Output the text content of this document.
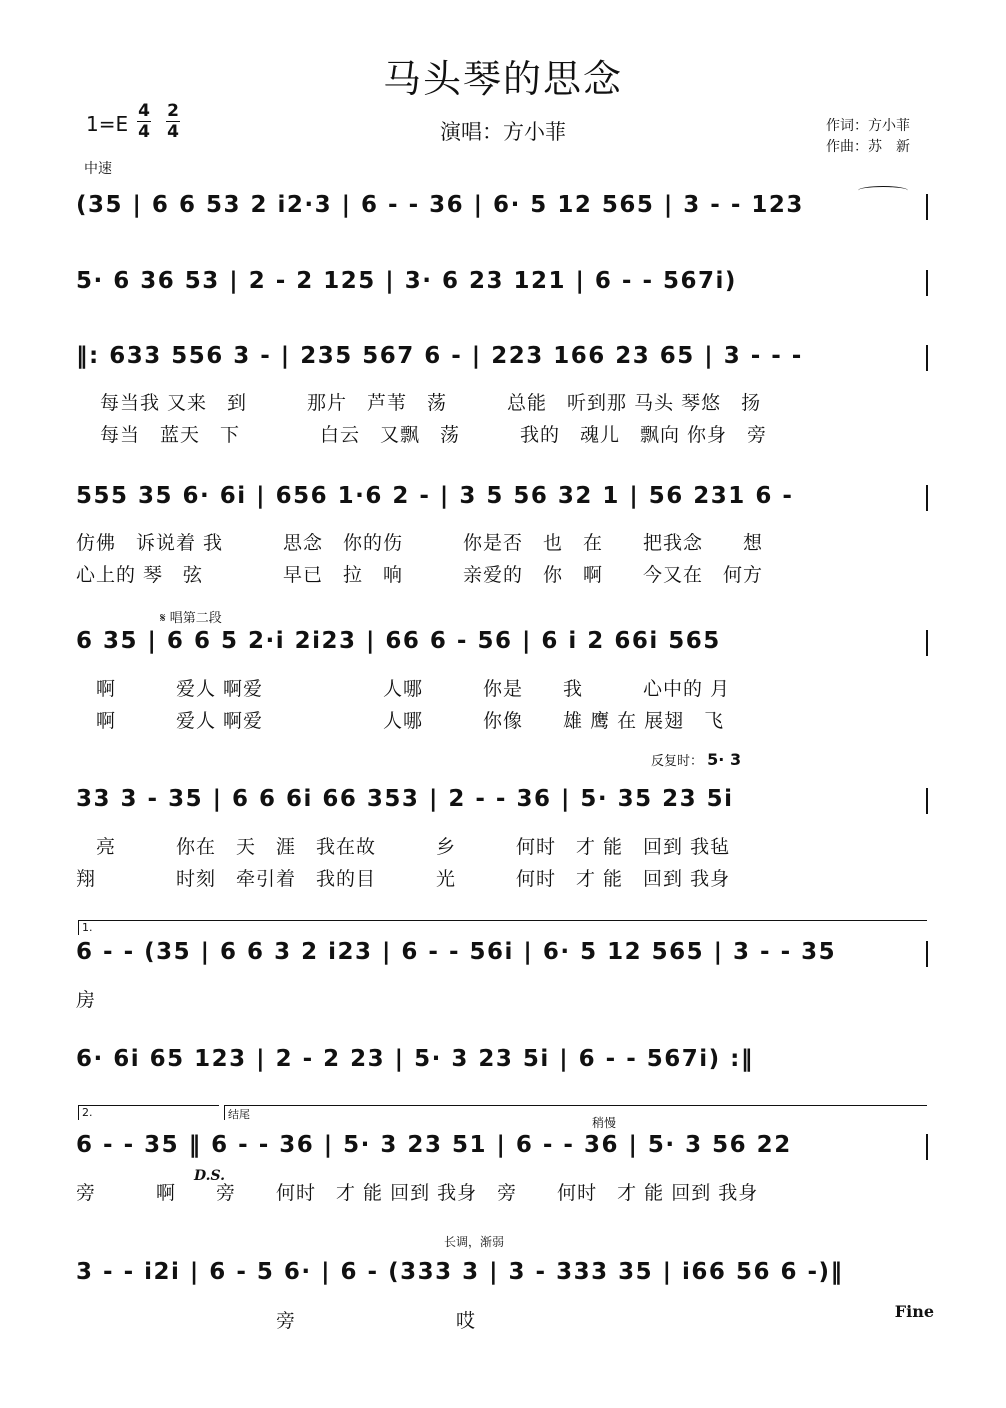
马头琴的思念
1=E
4
4
2
4	演唱：方小菲	作词：方小菲
作曲：苏　新
中速
(35 | 6 6 53 2 i2·3 | 6 - - 36 | 6· 5 12 565 | 3 - - 123
5· 6 36 53 | 2 - 2 125 | 3· 6 23 121 | 6 - - 567i)
‖: 633 556 3 - | 235 567 6 - | 223 166 23 65 | 3 - - -
每当我 又来　到　　　那片　芦苇　荡　　　总能　听到那 马头 琴悠　扬
每当　蓝天　下　　　　白云　又飘　荡　　　我的　魂儿　飘向 你身　旁
555 35 6· 6i | 656 1·6 2 - | 3 5 56 32 1 | 56 231 6 -
仿佛　诉说着 我　　　思念　你的伤　　　你是否　也　在　　把我念　　想
心上的 琴　弦　　　　早已　拉　响　　　亲爱的　你　啊　　今又在　何方
𝄋 唱第二段
6 35 | 6 6 5 2·i 2i23 | 66 6 - 56 | 6 i 2 66i 565
　啊　　　爱人 啊爱　　　　　　人哪　　　你是　　我　　　心中的 月
　啊　　　爱人 啊爱　　　　　　人哪　　　你像　　雄 鹰 在 展翅　飞
反复时： 5· 3
33 3 - 35 | 6 6 6i 66 353 | 2 - - 36 | 5· 35 23 5i
　亮　　　你在　天　涯　我在故　　　乡　　　何时　才 能　回到 我毡
翔　　　　时刻　牵引着　我的目　　　光　　　何时　才 能　回到 我身
1.
6 - - (35 | 6 6 3 2 i23 | 6 - - 56i | 6· 5 12 565 | 3 - - 35
房
6· 6i 65 123 | 2 - 2 23 | 5· 3 23 5i | 6 - - 567i) :‖
2.	结尾
稍慢
6 - - 35 ‖ 6 - - 36 | 5· 3 23 51 | 6 - - 36 | 5· 3 56 22
旁　　　啊　　旁　　何时　才 能 回到 我身　旁　　何时　才 能 回到 我身
D.S.
长调，渐弱
3 - - i2i | 6 - 5 6· | 6 - (333 3 | 3 - 333 35 | i66 56 6 -)‖
　　　　　　　　　　旁　　　　　　　　哎	Fine
